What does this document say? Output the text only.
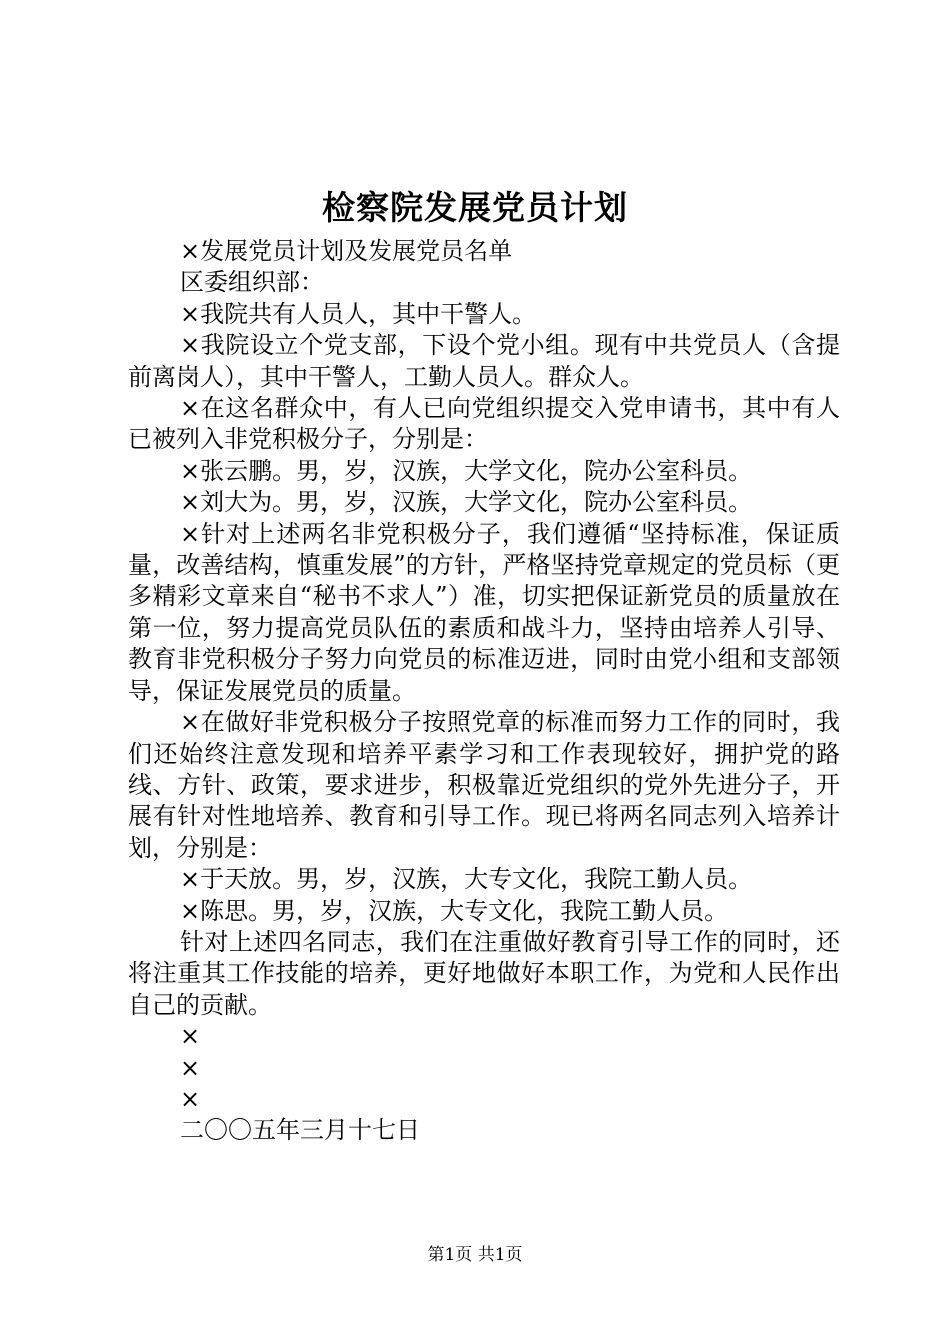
检察院发展党员计划

×发展党员计划及发展党员名单

区委组织部：

×我院共有人员人，其中干警人。

×我院设立个党支部，下设个党小组。现有中共党员人（含提前离岗人），其中干警人，工勤人员人。群众人。

×在这名群众中，有人已向党组织提交入党申请书，其中有人已被列入非党积极分子，分别是：

×张云鹏。男，岁，汉族，大学文化，院办公室科员。

×刘大为。男，岁，汉族，大学文化，院办公室科员。

×针对上述两名非党积极分子，我们遵循“坚持标准，保证质量，改善结构，慎重发展”的方针，严格坚持党章规定的党员标（更多精彩文章来自“秘书不求人”）准，切实把保证新党员的质量放在第一位，努力提高党员队伍的素质和战斗力，坚持由培养人引导、教育非党积极分子努力向党员的标准迈进，同时由党小组和支部领导，保证发展党员的质量。

×在做好非党积极分子按照党章的标准而努力工作的同时，我们还始终注意发现和培养平素学习和工作表现较好，拥护党的路线、方针、政策，要求进步，积极靠近党组织的党外先进分子，开展有针对性地培养、教育和引导工作。现已将两名同志列入培养计划，分别是：

×于天放。男，岁，汉族，大专文化，我院工勤人员。

×陈思。男，岁，汉族，大专文化，我院工勤人员。

针对上述四名同志，我们在注重做好教育引导工作的同时，还将注重其工作技能的培养，更好地做好本职工作，为党和人民作出自己的贡献。

×

×

×

二〇〇五年三月十七日

第1页 共1页
